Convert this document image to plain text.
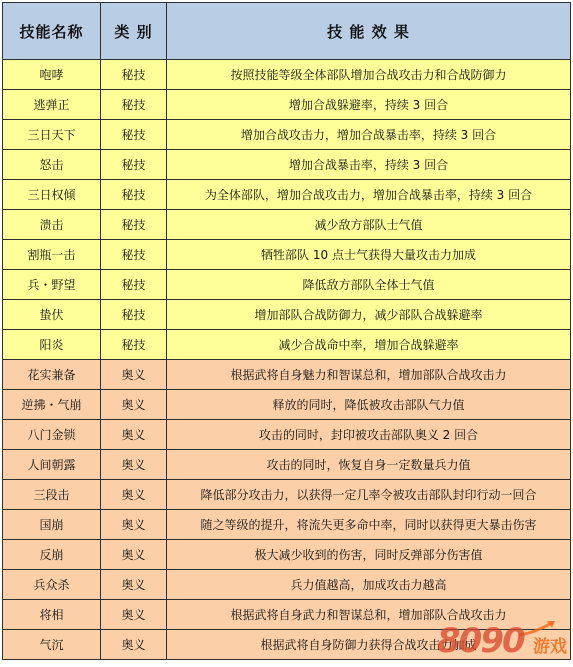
技能名称	类 别	技 能 效 果
咆哮	秘技	按照技能等级全体部队增加合战攻击力和合战防御力
逃弹正	秘技	增加合战躲避率，持续 3 回合
三日天下	秘技	增加合战攻击力，增加合战暴击率，持续 3 回合
怒击	秘技	增加合战暴击率，持续 3 回合
三日权倾	秘技	为全体部队，增加合战攻击力，增加合战暴击率，持续 3 回合
溃击	秘技	减少敌方部队士气值
割瓶一击	秘技	牺牲部队 10 点士气获得大量攻击力加成
兵・野望	秘技	降低敌方部队全体士气值
蛰伏	秘技	增加部队合战防御力，减少部队合战躲避率
阳炎	秘技	减少合战命中率，增加合战躲避率
花实兼备	奥义	根据武将自身魅力和智谋总和，增加部队合战攻击力
逆拂・气崩	奥义	释放的同时，降低被攻击部队气力值
八门金锁	奥义	攻击的同时，封印被攻击部队奥义 2 回合
人间朝露	奥义	攻击的同时，恢复自身一定数量兵力值
三段击	奥义	降低部分攻击力，以获得一定几率令被攻击部队封印行动一回合
国崩	奥义	随之等级的提升，将流失更多命中率，同时以获得更大暴击伤害
反崩	奥义	极大减少收到的伤害，同时反弹部分伤害值
兵众杀	奥义	兵力值越高，加成攻击力越高
将相	奥义	根据武将自身武力和智谋总和，增加部队合战攻击力
气沉	奥义	根据武将自身防御力获得合战攻击力加成
8090 游戏
